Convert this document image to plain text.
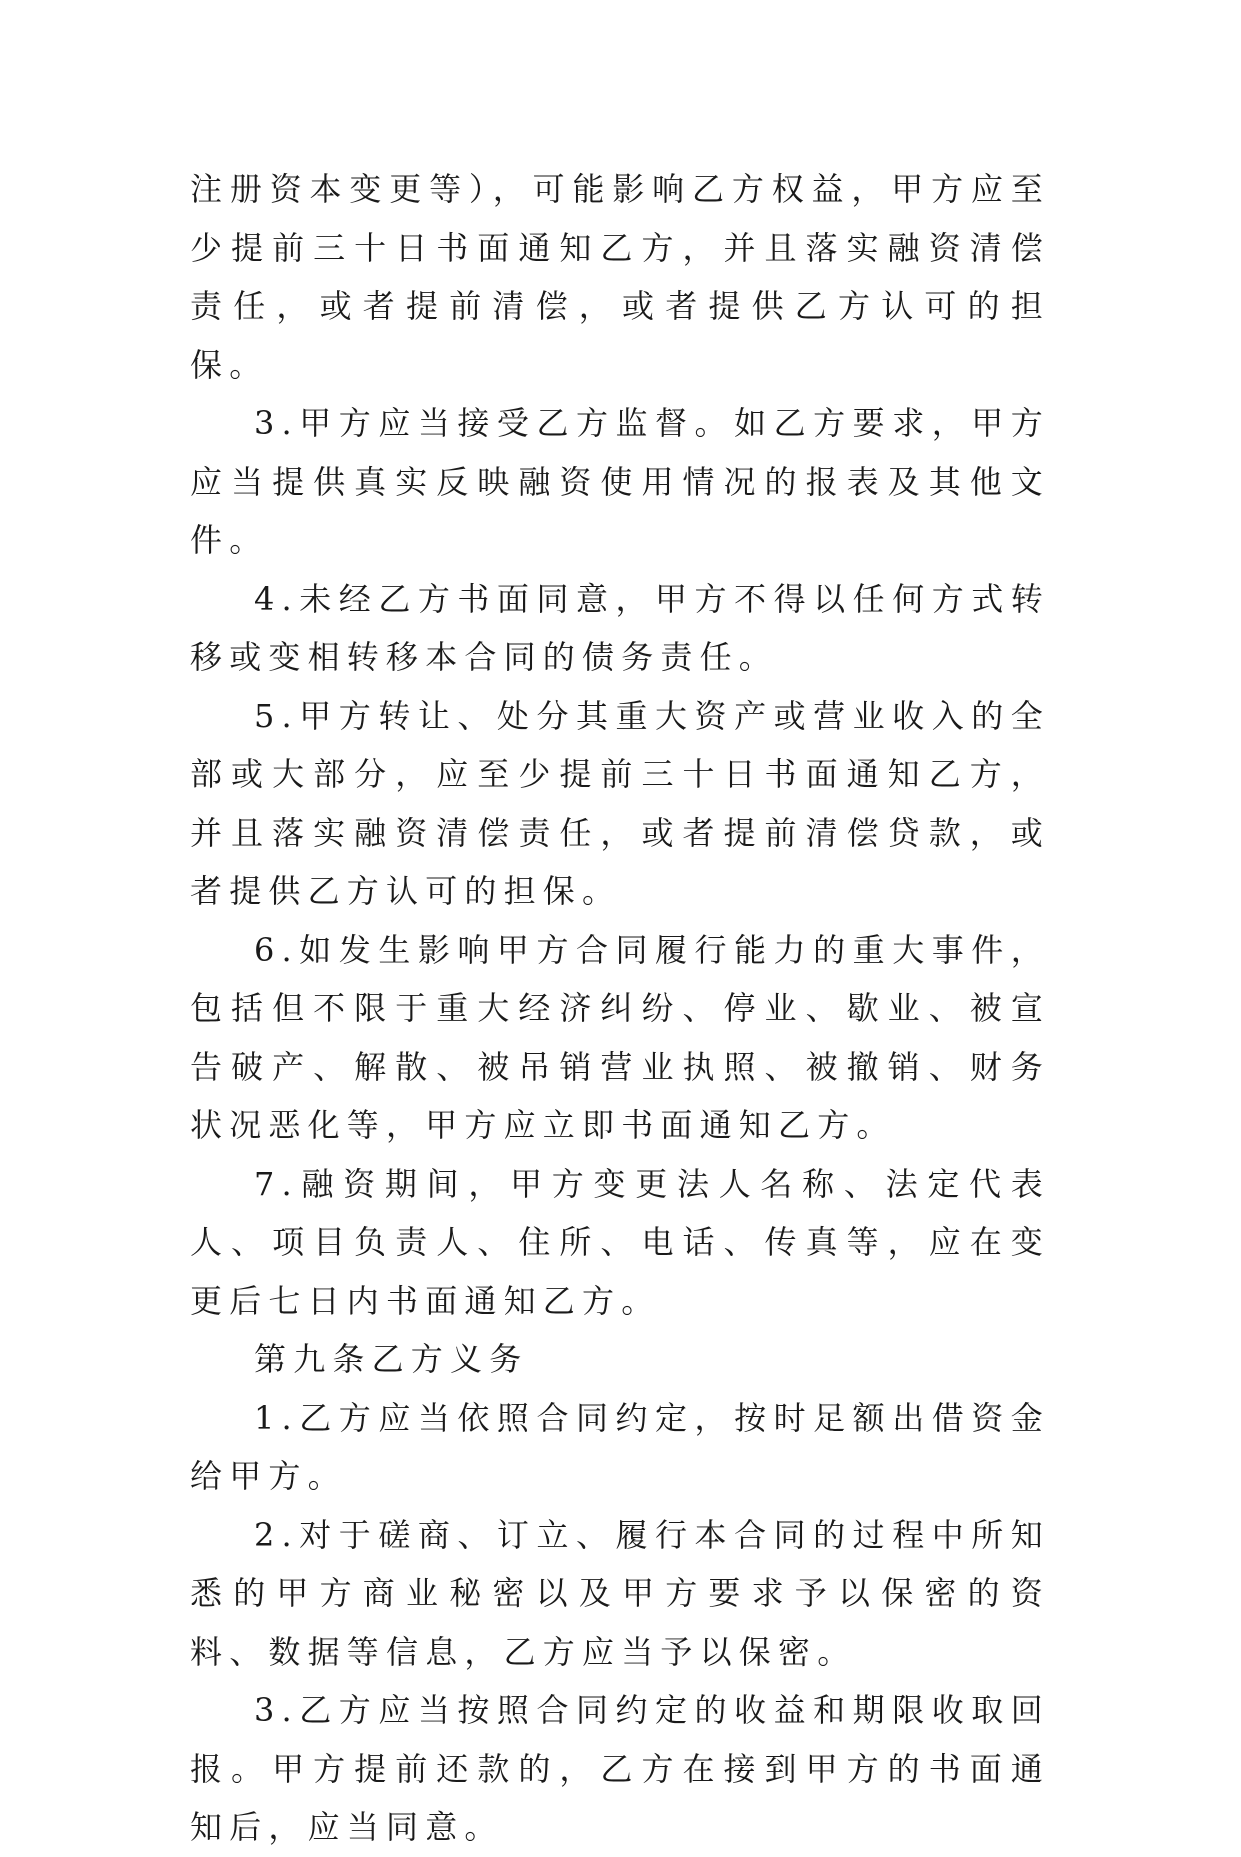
注册资本变更等），可能影响乙方权益，甲方应至少提前三十日书面通知乙方，并且落实融资清偿责任，或者提前清偿，或者提供乙方认可的担保。

3.甲方应当接受乙方监督。如乙方要求，甲方应当提供真实反映融资使用情况的报表及其他文件。

4.未经乙方书面同意，甲方不得以任何方式转移或变相转移本合同的债务责任。

5.甲方转让、处分其重大资产或营业收入的全部或大部分，应至少提前三十日书面通知乙方，并且落实融资清偿责任，或者提前清偿贷款，或者提供乙方认可的担保。

6.如发生影响甲方合同履行能力的重大事件，包括但不限于重大经济纠纷、停业、歇业、被宣告破产、解散、被吊销营业执照、被撤销、财务状况恶化等，甲方应立即书面通知乙方。

7.融资期间，甲方变更法人名称、法定代表人、项目负责人、住所、电话、传真等，应在变更后七日内书面通知乙方。

第九条乙方义务

1.乙方应当依照合同约定，按时足额出借资金给甲方。

2.对于磋商、订立、履行本合同的过程中所知悉的甲方商业秘密以及甲方要求予以保密的资料、数据等信息，乙方应当予以保密。

3.乙方应当按照合同约定的收益和期限收取回报。甲方提前还款的，乙方在接到甲方的书面通知后，应当同意。
